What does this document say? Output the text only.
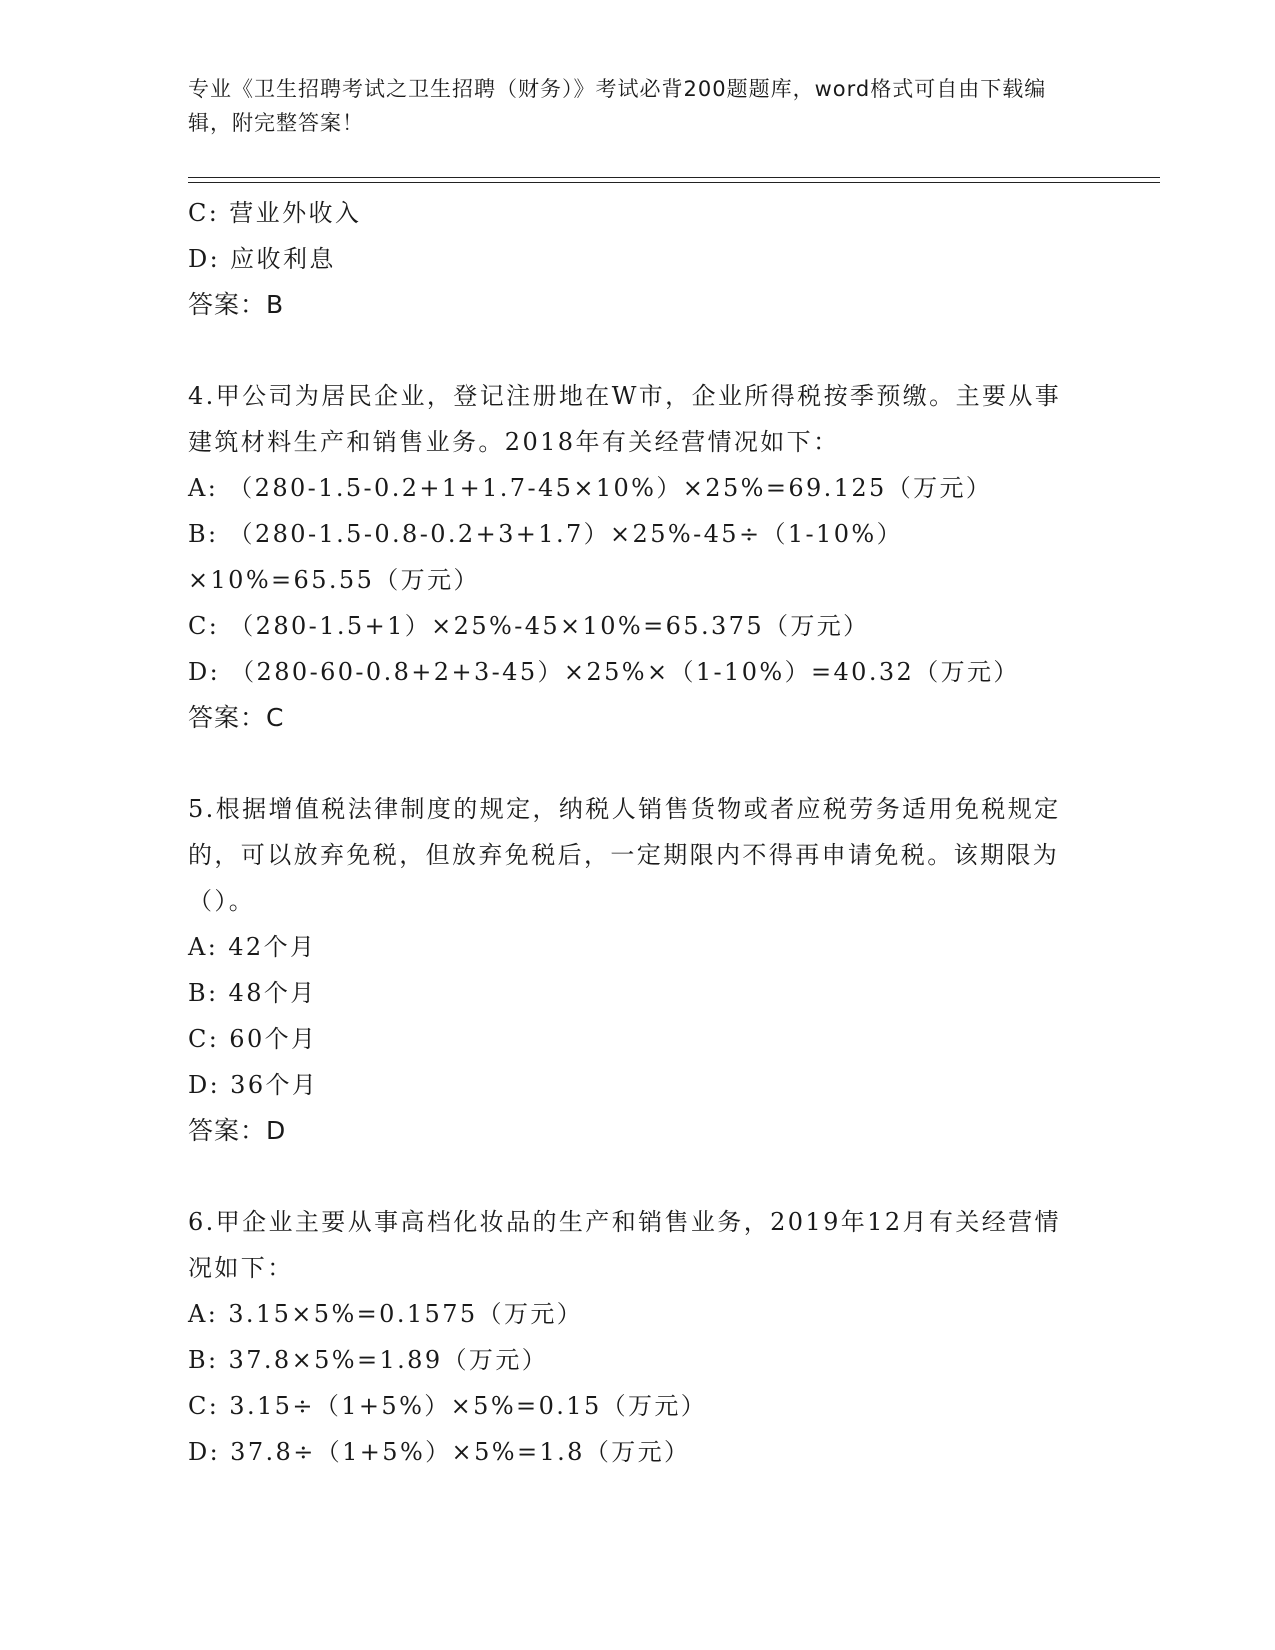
专业《卫生招聘考试之卫生招聘（财务）》考试必背200题题库，word格式可自由下载编辑，附完整答案！
C: 营业外收入
D: 应收利息
答案：B
4.甲公司为居民企业，登记注册地在W市，企业所得税按季预缴。主要从事建筑材料生产和销售业务。2018年有关经营情况如下：
A: （280-1.5-0.2+1+1.7-45×10%）×25%=69.125（万元）
B: （280-1.5-0.8-0.2+3+1.7）×25%-45÷（1-10%）×10%=65.55（万元）
C: （280-1.5+1）×25%-45×10%=65.375（万元）
D: （280-60-0.8+2+3-45）×25%×（1-10%）=40.32（万元）
答案：C
5.根据增值税法律制度的规定，纳税人销售货物或者应税劳务适用免税规定的，可以放弃免税，但放弃免税后，一定期限内不得再申请免税。该期限为（）。
A: 42个月
B: 48个月
C: 60个月
D: 36个月
答案：D
6.甲企业主要从事高档化妆品的生产和销售业务，2019年12月有关经营情况如下：
A: 3.15×5%=0.1575（万元）
B: 37.8×5%=1.89（万元）
C: 3.15÷（1+5%）×5%=0.15（万元）
D: 37.8÷（1+5%）×5%=1.8（万元）
